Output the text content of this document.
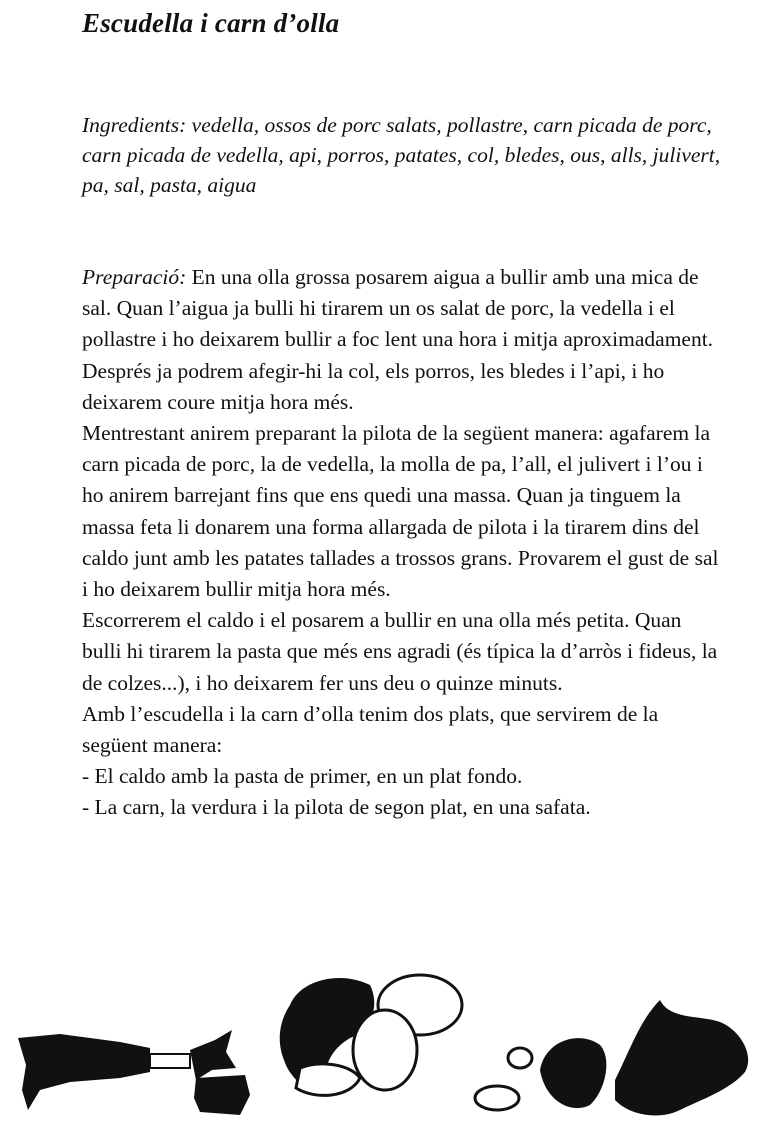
Escudella i carn d’olla

Ingredients: vedella, ossos de porc salats, pollastre, carn picada de porc, carn picada de vedella, api, porros, patates, col, bledes, ous, alls, julivert, pa, sal, pasta, aigua

Preparació: En una olla grossa posarem aigua a bullir amb una mica de sal. Quan l’aigua ja bulli hi tirarem un os salat de porc, la vedella i el pollastre i ho deixarem bullir a foc lent una hora i mitja aproximadament. Després ja podrem afegir-hi la col, els porros, les bledes i l’api, i ho deixarem coure mitja hora més.
Mentrestant anirem preparant la pilota de la següent manera: agafarem la carn picada de porc, la de vedella, la molla de pa, l’all, el julivert i l’ou i ho anirem barrejant fins que ens quedi una massa. Quan ja tinguem la massa feta li donarem una forma allargada de pilota i la tirarem dins del caldo junt amb les patates tallades a trossos grans. Provarem el gust de sal i ho deixarem bullir mitja hora més.
Escorrerem el caldo i el posarem a bullir en una olla més petita. Quan bulli hi tirarem la pasta que més ens agradi (és típica la d’arròs i fideus, la de colzes...), i ho deixarem fer uns deu o quinze minuts.
Amb l’escudella i la carn d’olla tenim dos plats, que servirem de la següent manera:
- El caldo amb la pasta de primer, en un plat fondo.
- La carn, la verdura i la pilota de segon plat, en una safata.
